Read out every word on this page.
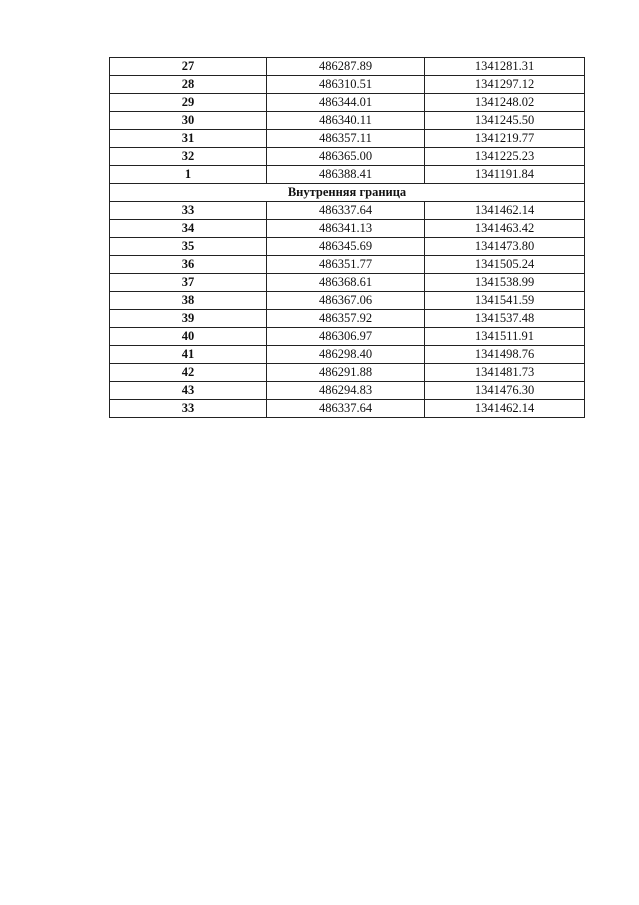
27	486287.89	1341281.31
28	486310.51	1341297.12
29	486344.01	1341248.02
30	486340.11	1341245.50
31	486357.11	1341219.77
32	486365.00	1341225.23
1	486388.41	1341191.84
Внутренняя граница		
33	486337.64	1341462.14
34	486341.13	1341463.42
35	486345.69	1341473.80
36	486351.77	1341505.24
37	486368.61	1341538.99
38	486367.06	1341541.59
39	486357.92	1341537.48
40	486306.97	1341511.91
41	486298.40	1341498.76
42	486291.88	1341481.73
43	486294.83	1341476.30
33	486337.64	1341462.14
